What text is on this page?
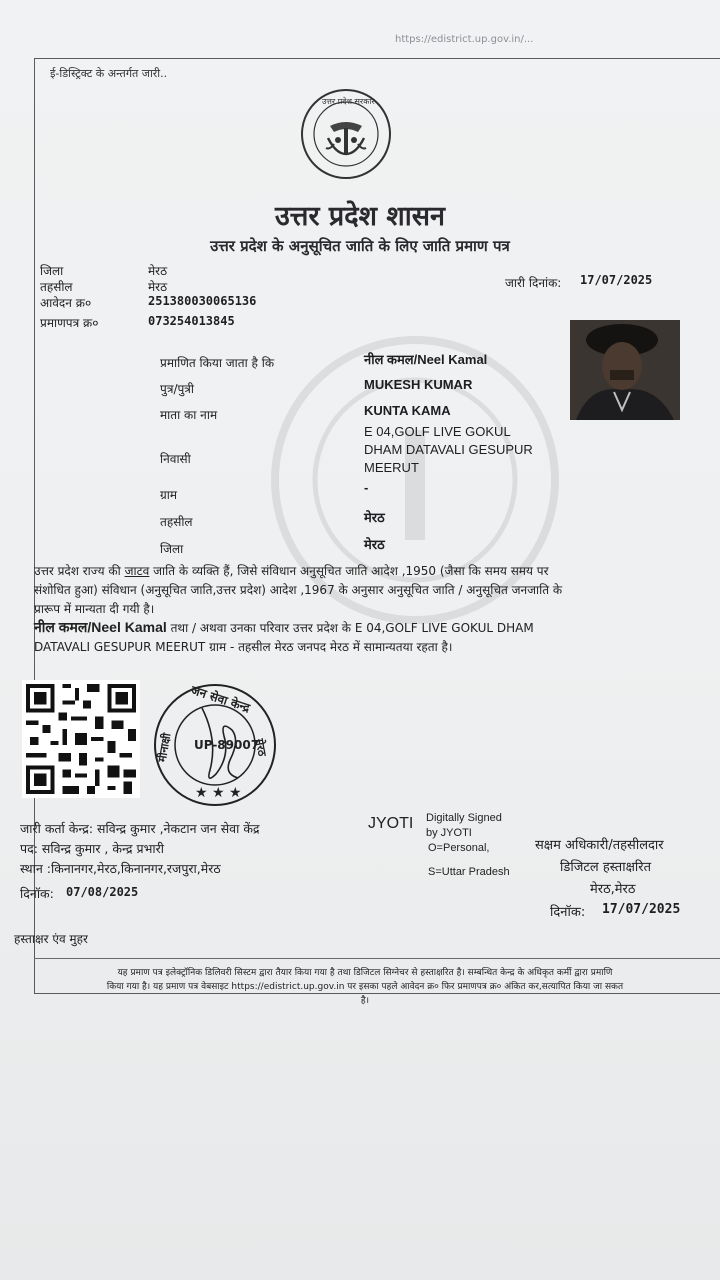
https://edistrict.up.gov.in/...
ई-डिस्ट्रिक्ट के अन्तर्गत जारी..
उत्तर प्रदेश सरकार
उत्तर प्रदेश शासन
उत्तर प्रदेश के अनुसूचित जाति के लिए जाति प्रमाण पत्र
जिला	मेरठ
तहसील	मेरठ
आवेदन क्र०	251380030065136
प्रमाणपत्र क्र०	073254013845
जारी दिनांक: 17/07/2025
प्रमाणित किया जाता है कि	नील कमल/Neel Kamal
पुत्र/पुत्री	MUKESH KUMAR
माता का नाम	KUNTA KAMA
निवासी
E 04,GOLF LIVE GOKUL
DHAM DATAVALI GESUPUR
MEERUT
ग्राम	-
तहसील	मेरठ
जिला	मेरठ
उत्तर प्रदेश राज्य की जाटव जाति के व्यक्ति हैं, जिसे संविधान अनुसूचित जाति आदेश ,1950 (जैसा कि समय समय पर
संशोधित हुआ) संविधान (अनुसूचित जाति,उत्तर प्रदेश) आदेश ,1967 के अनुसार अनुसूचित जाति / अनुसूचित जनजाति के
प्रारूप में मान्यता दी गयी है।
नील कमल/Neel Kamal तथा / अथवा उनका परिवार उत्तर प्रदेश के E 04,GOLF LIVE GOKUL DHAM
DATAVALI GESUPUR MEERUT ग्राम - तहसील मेरठ जनपद मेरठ में सामान्यतया रहता है।
★ ★ ★
जन सेवा केन्द्र
मीनाक्षी	मेरठ
UP-89007
जारी कर्ता केन्द्र: सविन्द्र कुमार ,नेकटान जन सेवा केंद्र
पद: सविन्द्र कुमार , केन्द्र प्रभारी
स्थान :किनानगर,मेरठ,किनानगर,रजपुरा,मेरठ
दिनॉक: 07/08/2025
JYOTI Digitally Signed
by JYOTI
O=Personal,
S=Uttar Pradesh
सक्षम अधिकारी/तहसीलदार
डिजिटल हस्ताक्षरित
मेरठ,मेरठ
दिनॉक: 17/07/2025
हस्ताक्षर एंव मुहर
यह प्रमाण पत्र इलेक्ट्रॉनिक डिलिवरी सिस्टम द्वारा तैयार किया गया है तथा डिजिटल सिग्नेचर से हस्ताक्षरित है। सम्बन्धित केन्द्र के अधिकृत कर्मी द्वारा प्रमाणि
किया गया है। यह प्रमाण पत्र वेबसाइट https://edistrict.up.gov.in पर इसका पहले आवेदन क्र० फिर प्रमाणपत्र क्र० अंकित कर,सत्यापित किया जा सकत
है।
